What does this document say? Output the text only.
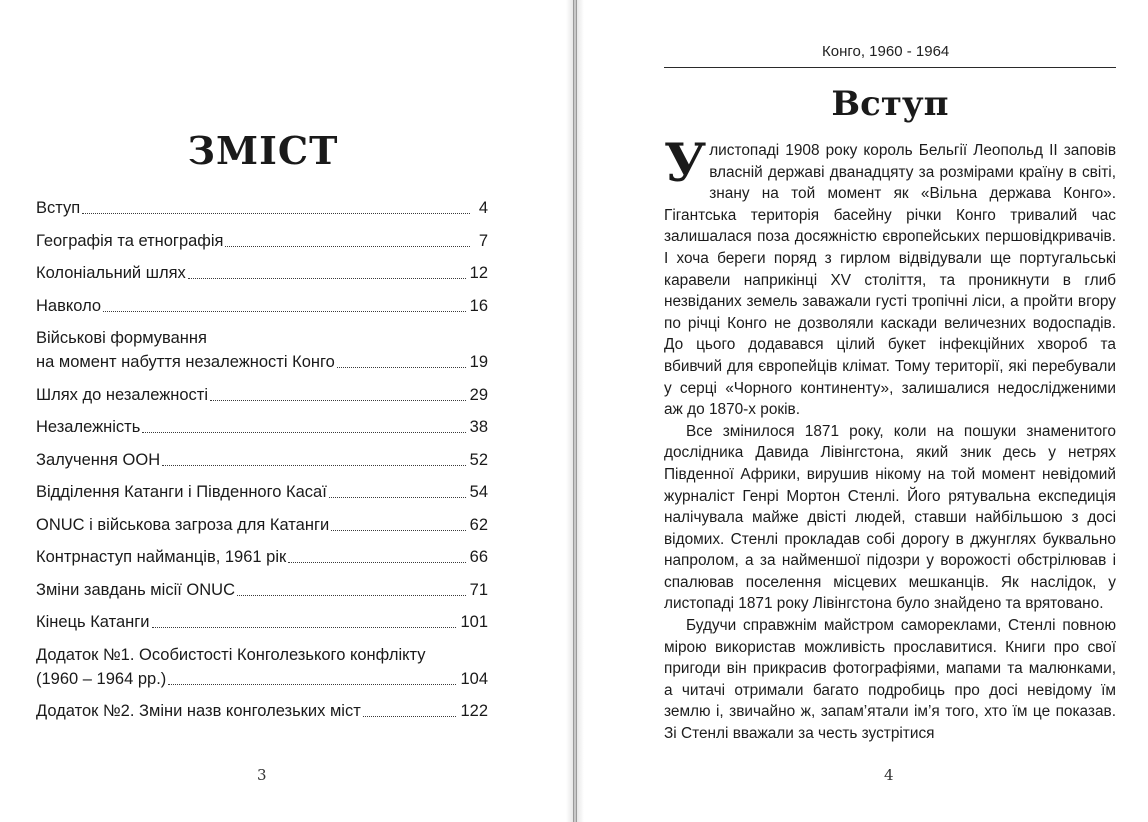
ЗМІСТ
Вступ	4
Географія та етнографія	7
Колоніальний шлях	12
Навколо	16
Військові формування
на момент набуття незалежності Конго	19
Шлях до незалежності	29
Незалежність	38
Залучення ООН	52
Відділення Катанги і Південного Касаї	54
ONUC і військова загроза для Катанги	62
Контрнаступ найманців, 1961 рік	66
Зміни завдань місії ONUC	71
Кінець Катанги	101
Додаток №1. Особистості Конголезького конфлікту
(1960 – 1964 рр.)	104
Додаток №2. Зміни назв конголезьких міст	122
3
Конго, 1960 - 1964
Вступ

Улистопаді 1908 року король Бельгії Леопольд II заповів власній державі дванадцяту за розмірами країну в світі, знану на той момент як «Вільна держава Конго». Гігантська територія басейну річки Конго тривалий час залишалася поза досяжністю європейських першовідкривачів. І хоча береги поряд з гирлом відвідували ще португальські каравели наприкінці XV століття, та проникнути в глиб незвіданих земель заважали густі тропічні ліси, а пройти вгору по річці Конго не дозволяли каскади величезних водоспадів. До цього додавався цілий букет інфекційних хвороб та вбивчий для європейців клімат. Тому території, які перебували у серці «Чорного континенту», залишалися недослідженими аж до 1870-х років.

Все змінилося 1871 року, коли на пошуки знаменитого дослідника Давида Лівінгстона, який зник десь у нетрях Південної Африки, вирушив нікому на той момент невідомий журналіст Генрі Мортон Стенлі. Його рятувальна експедиція налічувала майже двісті людей, ставши найбільшою з досі відомих. Стенлі прокладав собі дорогу в джунглях буквально напролом, а за найменшої підозри у ворожості обстрілював і спалював поселення місцевих мешканців. Як наслідок, у листопаді 1871 року Лівінгстона було знайдено та врятовано.

Будучи справжнім майстром самореклами, Стенлі повною мірою використав можливість прославитися. Книги про свої пригоди він прикрасив фотографіями, мапами та малюнками, а читачі отримали багато подробиць про досі невідому їм землю і, звичайно ж, запам’ятали ім’я того, хто їм це показав. Зі Стенлі вважали за честь зустрітися

4
